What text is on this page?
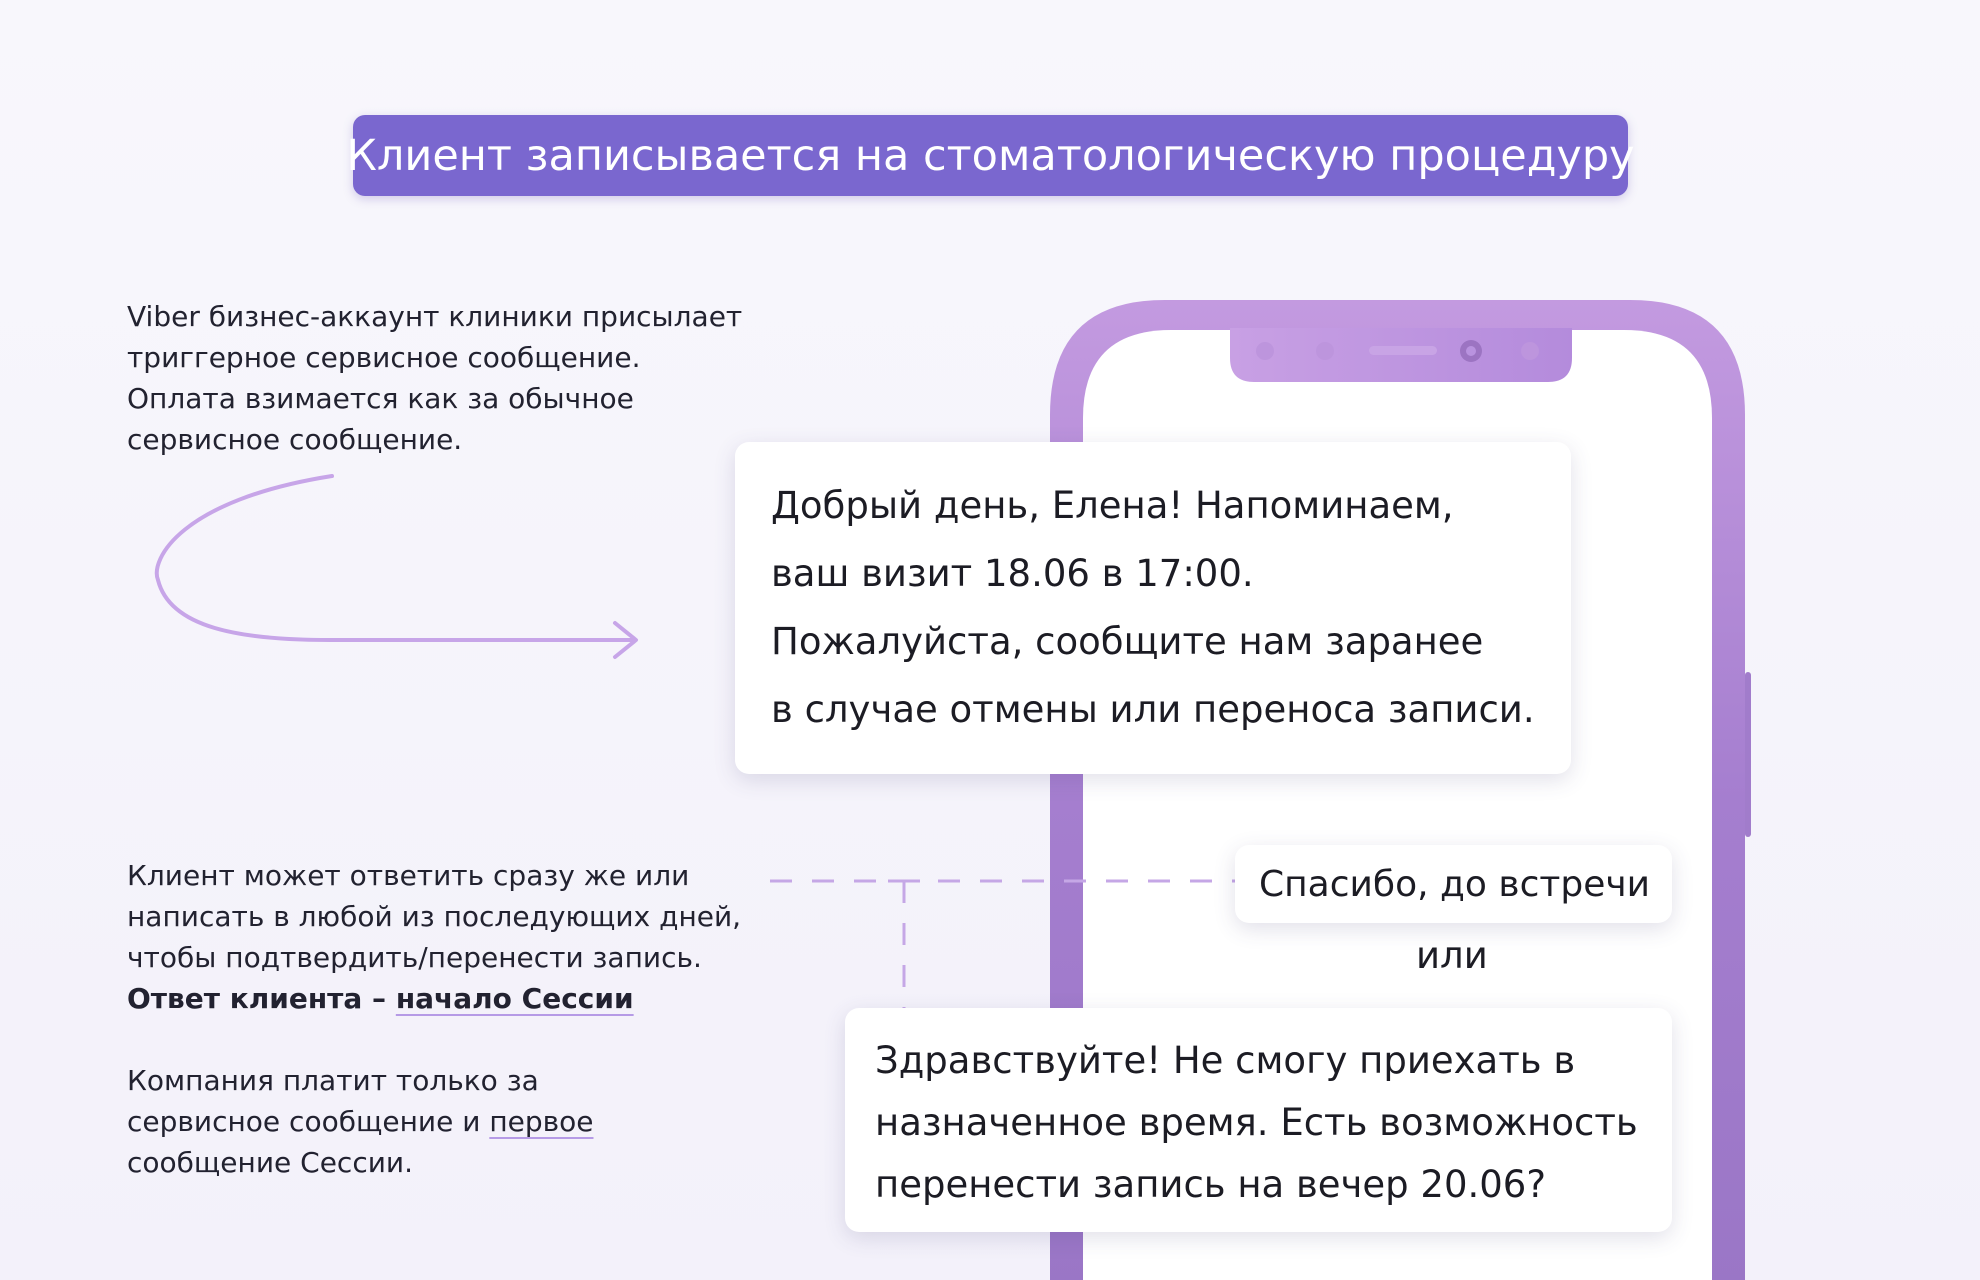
Клиент записывается на стоматологическую процедуру

Viber бизнес-аккаунт клиники присылает

триггерное сервисное сообщение.

Оплата взимается как за обычное

сервисное сообщение.

Клиент может ответить сразу же или

написать в любой из последующих дней,

чтобы подтвердить/перенести запись.

Ответ клиента – начало Сессии

Компания платит только за

сервисное сообщение и первое

сообщение Сессии.

Добрый день, Елена! Напоминаем,

ваш визит 18.06 в 17:00.

Пожалуйста, сообщите нам заранее

в случае отмены или переноса записи.

Спасибо, до встречи
или

Здравствуйте! Не смогу приехать в

назначенное время. Есть возможность

перенести запись на вечер 20.06?
